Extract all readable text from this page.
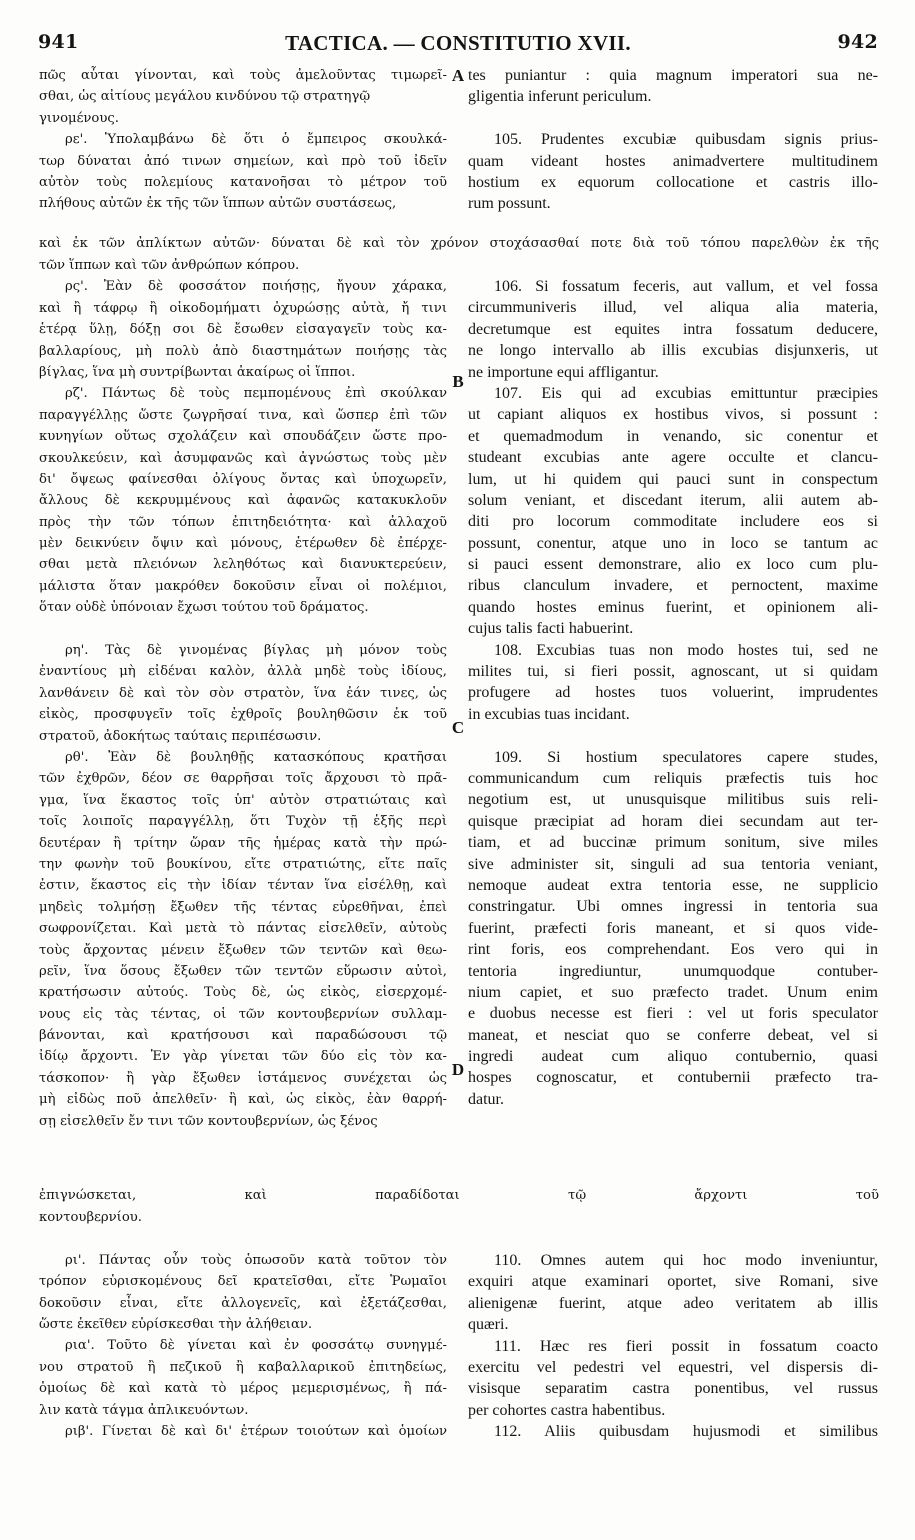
941	TACTICA. — CONSTITUTIO XVII.	942
πῶς αὗται γίνονται, καὶ τοὺς ἀμελοῦντας τιμωρεῖ-
σθαι, ὡς αἰτίους μεγάλου κινδύνου τῷ στρατηγῷ
γινομένους.
ρε'. Ὑπολαμβάνω δὲ ὅτι ὁ ἔμπειρος σκουλκά-
τωρ δύναται ἀπό τινων σημείων, καὶ πρὸ τοῦ ἰδεῖν
αὐτὸν τοὺς πολεμίους κατανοῆσαι τὸ μέτρον τοῦ
πλήθους αὐτῶν ἐκ τῆς τῶν ἵππων αὐτῶν συστάσεως,
καὶ ἐκ τῶν ἀπλίκτων αὐτῶν· δύναται δὲ καὶ τὸν χρόνον στοχάσασθαί ποτε διὰ τοῦ τόπου παρελθὼν ἐκ τῆς
τῶν ἵππων καὶ τῶν ἀνθρώπων κόπρου.
ρς'. Ἐὰν δὲ φοσσάτον ποιήσῃς, ἤγουν χάρακα,
καὶ ἢ τάφρῳ ἢ οἰκοδομήματι ὀχυρώσῃς αὐτὰ, ἤ τινι
ἑτέρᾳ ὕλῃ, δόξῃ σοι δὲ ἔσωθεν εἰσαγαγεῖν τοὺς κα-
βαλλαρίους, μὴ πολὺ ἀπὸ διαστημάτων ποιήσῃς τὰς
βίγλας, ἵνα μὴ συντρίβωνται ἀκαίρως οἱ ἵπποι.
ρζ'. Πάντως δὲ τοὺς πεμπομένους ἐπὶ σκούλκαν
παραγγέλλῃς ὥστε ζωγρῆσαί τινα, καὶ ὥσπερ ἐπὶ τῶν
κυνηγίων οὕτως σχολάζειν καὶ σπουδάζειν ὥστε προ-
σκουλκεύειν, καὶ ἀσυμφανῶς καὶ ἀγνώστως τοὺς μὲν
δι' ὄψεως φαίνεσθαι ὀλίγους ὄντας καὶ ὑποχωρεῖν,
ἄλλους δὲ κεκρυμμένους καὶ ἀφανῶς κατακυκλοῦν
πρὸς τὴν τῶν τόπων ἐπιτηδειότητα· καὶ ἀλλαχοῦ
μὲν δεικνύειν ὄψιν καὶ μόνους, ἑτέρωθεν δὲ ἐπέρχε-
σθαι μετὰ πλειόνων λεληθότως καὶ διανυκτερεύειν,
μάλιστα ὅταν μακρόθεν δοκοῦσιν εἶναι οἱ πολέμιοι,
ὅταν οὐδὲ ὑπόνοιαν ἔχωσι τούτου τοῦ δράματος.
ρη'. Τὰς δὲ γινομένας βίγλας μὴ μόνον τοὺς
ἐναντίους μὴ εἰδέναι καλὸν, ἀλλὰ μηδὲ τοὺς ἰδίους,
λανθάνειν δὲ καὶ τὸν σὸν στρατὸν, ἵνα ἐάν τινες, ὡς
εἰκὸς, προσφυγεῖν τοῖς ἐχθροῖς βουληθῶσιν ἐκ τοῦ
στρατοῦ, ἀδοκήτως ταύταις περιπέσωσιν.
ρθ'. Ἐὰν δὲ βουληθῇς κατασκόπους κρατῆσαι
τῶν ἐχθρῶν, δέον σε θαρρῆσαι τοῖς ἄρχουσι τὸ πρᾶ-
γμα, ἵνα ἕκαστος τοῖς ὑπ' αὐτὸν στρατιώταις καὶ
τοῖς λοιποῖς παραγγέλλῃ, ὅτι Τυχὸν τῇ ἑξῆς περὶ
δευτέραν ἢ τρίτην ὥραν τῆς ἡμέρας κατὰ τὴν πρώ-
την φωνὴν τοῦ βουκίνου, εἴτε στρατιώτης, εἴτε παῖς
ἐστιν, ἕκαστος εἰς τὴν ἰδίαν τένταν ἵνα εἰσέλθῃ, καὶ
μηδεὶς τολμήσῃ ἔξωθεν τῆς τέντας εὑρεθῆναι, ἐπεὶ
σωφρονίζεται. Καὶ μετὰ τὸ πάντας εἰσελθεῖν, αὐτοὺς
τοὺς ἄρχοντας μένειν ἔξωθεν τῶν τεντῶν καὶ θεω-
ρεῖν, ἵνα ὅσους ἔξωθεν τῶν τεντῶν εὕρωσιν αὐτοὶ,
κρατήσωσιν αὐτούς. Τοὺς δὲ, ὡς εἰκὸς, εἰσερχομέ-
νους εἰς τὰς τέντας, οἱ τῶν κοντουβερνίων συλλαμ-
βάνονται, καὶ κρατήσουσι καὶ παραδώσουσι τῷ
ἰδίῳ ἄρχοντι. Ἐν γὰρ γίνεται τῶν δύο εἰς τὸν κα-
τάσκοπον· ἢ γὰρ ἔξωθεν ἱστάμενος συνέχεται ὡς
μὴ εἰδὼς ποῦ ἀπελθεῖν· ἢ καὶ, ὡς εἰκὸς, ἐὰν θαρρή-
σῃ εἰσελθεῖν ἔν τινι τῶν κοντουβερνίων, ὡς ξένος
ἐπιγνώσκεται, καὶ παραδίδοται τῷ ἄρχοντι τοῦ
κοντουβερνίου.
ρι'. Πάντας οὖν τοὺς ὁπωσοῦν κατὰ τοῦτον τὸν
τρόπον εὑρισκομένους δεῖ κρατεῖσθαι, εἴτε Ῥωμαῖοι
δοκοῦσιν εἶναι, εἴτε ἀλλογενεῖς, καὶ ἐξετάζεσθαι,
ὥστε ἐκεῖθεν εὑρίσκεσθαι τὴν ἀλήθειαν.
ρια'. Τοῦτο δὲ γίνεται καὶ ἐν φοσσάτῳ συνηγμέ-
νου στρατοῦ ἢ πεζικοῦ ἢ καβαλλαρικοῦ ἐπιτηδείως,
ὁμοίως δὲ καὶ κατὰ τὸ μέρος μεμερισμένως, ἢ πά-
λιν κατὰ τάγμα ἀπλικευόντων.
ριβ'. Γίνεται δὲ καὶ δι' ἑτέρων τοιούτων καὶ ὁμοίων
tes puniantur : quia magnum imperatori sua ne-
gligentia inferunt periculum.
105. Prudentes excubiæ quibusdam signis prius-
quam videant hostes animadvertere multitudinem
hostium ex equorum collocatione et castris illo-
rum possunt.
106. Si fossatum feceris, aut vallum, et vel fossa
circummuniveris illud, vel aliqua alia materia,
decretumque est equites intra fossatum deducere,
ne longo intervallo ab illis excubias disjunxeris, ut
ne importune equi affligantur.
107. Eis qui ad excubias emittuntur præcipies
ut capiant aliquos ex hostibus vivos, si possunt :
et quemadmodum in venando, sic conentur et
studeant excubias ante agere occulte et clancu-
lum, ut hi quidem qui pauci sunt in conspectum
solum veniant, et discedant iterum, alii autem ab-
diti pro locorum commoditate includere eos si
possunt, conentur, atque uno in loco se tantum ac
si pauci essent demonstrare, alio ex loco cum plu-
ribus clanculum invadere, et pernoctent, maxime
quando hostes eminus fuerint, et opinionem ali-
cujus talis facti habuerint.
108. Excubias tuas non modo hostes tui, sed ne
milites tui, si fieri possit, agnoscant, ut si quidam
profugere ad hostes tuos voluerint, imprudentes
in excubias tuas incidant.
109. Si hostium speculatores capere studes,
communicandum cum reliquis præfectis tuis hoc
negotium est, ut unusquisque militibus suis reli-
quisque præcipiat ad horam diei secundam aut ter-
tiam, et ad buccinæ primum sonitum, sive miles
sive administer sit, singuli ad sua tentoria veniant,
nemoque audeat extra tentoria esse, ne supplicio
constringatur. Ubi omnes ingressi in tentoria sua
fuerint, præfecti foris maneant, et si quos vide-
rint foris, eos comprehendant. Eos vero qui in
tentoria ingrediuntur, unumquodque contuber-
nium capiet, et suo præfecto tradet. Unum enim
e duobus necesse est fieri : vel ut foris speculator
maneat, et nesciat quo se conferre debeat, vel si
ingredi audeat cum aliquo contubernio, quasi
hospes cognoscatur, et contubernii præfecto tra-
datur.
110. Omnes autem qui hoc modo inveniuntur,
exquiri atque examinari oportet, sive Romani, sive
alienigenæ fuerint, atque adeo veritatem ab illis
quæri.
111. Hæc res fieri possit in fossatum coacto
exercitu vel pedestri vel equestri, vel dispersis di-
visisque separatim castra ponentibus, vel russus
per cohortes castra habentibus.
112. Aliis quibusdam hujusmodi et similibus
A
B
C
D
